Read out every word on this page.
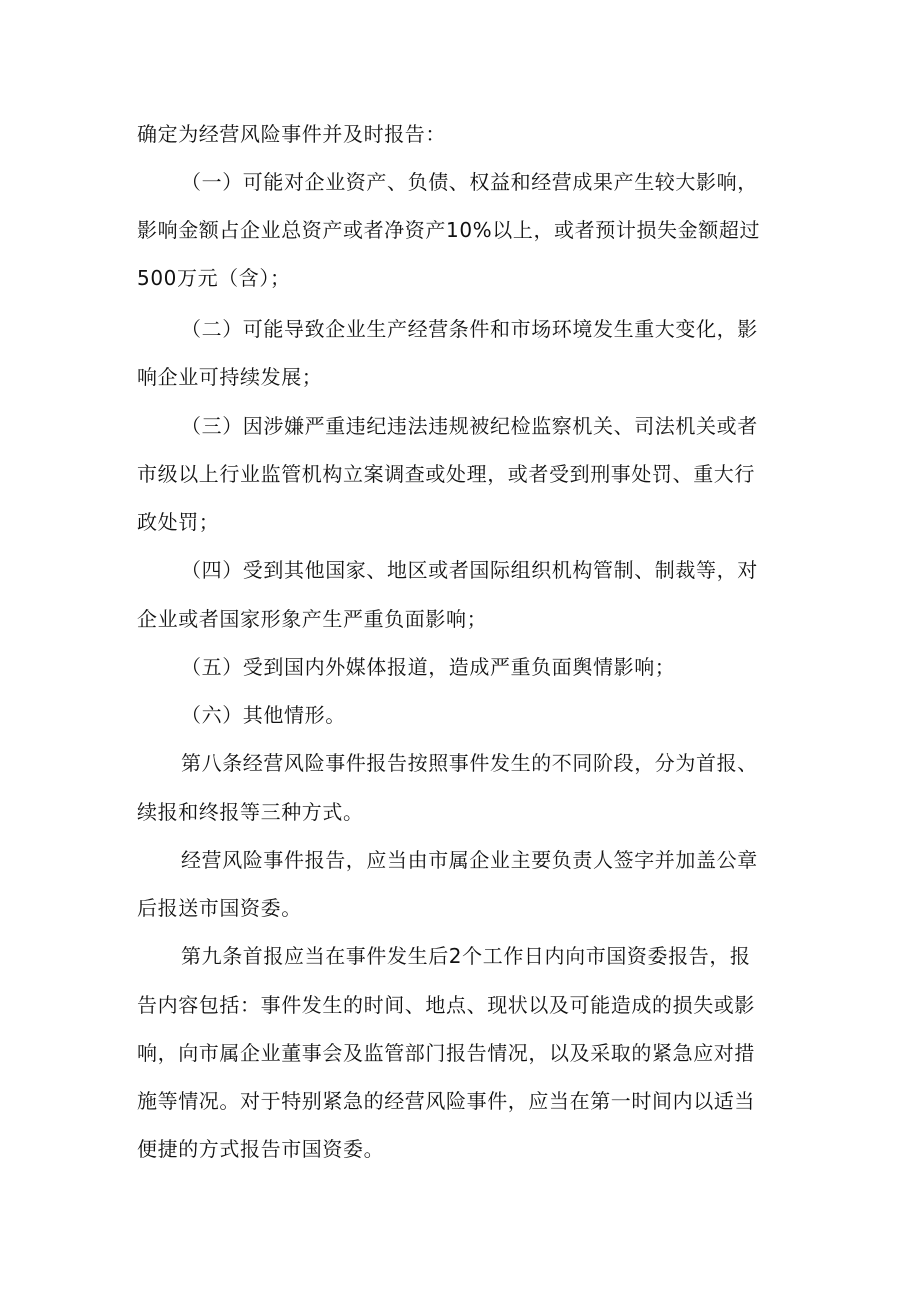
确定为经营风险事件并及时报告：
（一）可能对企业资产、负债、权益和经营成果产生较大影响，
影响金额占企业总资产或者净资产10%以上，或者预计损失金额超过
500万元（含）；
（二）可能导致企业生产经营条件和市场环境发生重大变化，影
响企业可持续发展；
（三）因涉嫌严重违纪违法违规被纪检监察机关、司法机关或者
市级以上行业监管机构立案调查或处理，或者受到刑事处罚、重大行
政处罚；
（四）受到其他国家、地区或者国际组织机构管制、制裁等，对
企业或者国家形象产生严重负面影响；
（五）受到国内外媒体报道，造成严重负面舆情影响；
（六）其他情形。
第八条经营风险事件报告按照事件发生的不同阶段，分为首报、
续报和终报等三种方式。
经营风险事件报告，应当由市属企业主要负责人签字并加盖公章
后报送市国资委。
第九条首报应当在事件发生后2个工作日内向市国资委报告，报
告内容包括：事件发生的时间、地点、现状以及可能造成的损失或影
响，向市属企业董事会及监管部门报告情况，以及采取的紧急应对措
施等情况。对于特别紧急的经营风险事件，应当在第一时间内以适当
便捷的方式报告市国资委。
